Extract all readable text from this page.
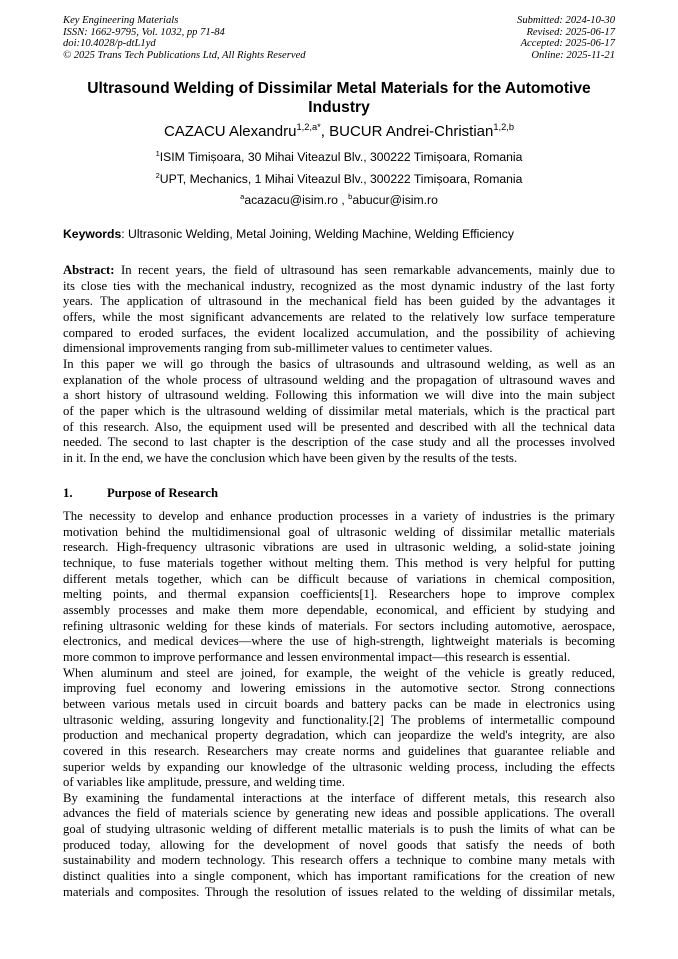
Key Engineering Materials
ISSN: 1662-9795, Vol. 1032, pp 71-84
doi:10.4028/p-dtL1yd
© 2025 Trans Tech Publications Ltd, All Rights Reserved
Submitted: 2024-10-30
Revised: 2025-06-17
Accepted: 2025-06-17
Online: 2025-11-21
Ultrasound Welding of Dissimilar Metal Materials for the Automotive Industry
CAZACU Alexandru$^{1,2,a*}$, BUCUR Andrei-Christian$^{1,2,b}$
$^1$ISIM Timișoara, 30 Mihai Viteazul Blv., 300222 Timișoara, Romania
$^2$UPT, Mechanics, 1 Mihai Viteazul Blv., 300222 Timișoara, Romania
$^a$acazacu@isim.ro , $^b$abucur@isim.ro
Keywords: Ultrasonic Welding, Metal Joining, Welding Machine, Welding Efficiency
Abstract: In recent years, the field of ultrasound has seen remarkable advancements, mainly due to
its close ties with the mechanical industry, recognized as the most dynamic industry of the last forty
years. The application of ultrasound in the mechanical field has been guided by the advantages it
offers, while the most significant advancements are related to the relatively low surface temperature
compared to eroded surfaces, the evident localized accumulation, and the possibility of achieving
dimensional improvements ranging from sub-millimeter values to centimeter values.
In this paper we will go through the basics of ultrasounds and ultrasound welding, as well as an
explanation of the whole process of ultrasound welding and the propagation of ultrasound waves and
a short history of ultrasound welding. Following this information we will dive into the main subject
of the paper which is the ultrasound welding of dissimilar metal materials, which is the practical part
of this research. Also, the equipment used will be presented and described with all the technical data
needed. The second to last chapter is the description of the case study and all the processes involved
in it. In the end, we have the conclusion which have been given by the results of the tests.
1.	Purpose of Research
The necessity to develop and enhance production processes in a variety of industries is the primary
motivation behind the multidimensional goal of ultrasonic welding of dissimilar metallic materials
research. High-frequency ultrasonic vibrations are used in ultrasonic welding, a solid-state joining
technique, to fuse materials together without melting them. This method is very helpful for putting
different metals together, which can be difficult because of variations in chemical composition,
melting points, and thermal expansion coefficients[1]. Researchers hope to improve complex
assembly processes and make them more dependable, economical, and efficient by studying and
refining ultrasonic welding for these kinds of materials. For sectors including automotive, aerospace,
electronics, and medical devices—where the use of high-strength, lightweight materials is becoming
more common to improve performance and lessen environmental impact—this research is essential.
When aluminum and steel are joined, for example, the weight of the vehicle is greatly reduced,
improving fuel economy and lowering emissions in the automotive sector. Strong connections
between various metals used in circuit boards and battery packs can be made in electronics using
ultrasonic welding, assuring longevity and functionality.[2] The problems of intermetallic compound
production and mechanical property degradation, which can jeopardize the weld's integrity, are also
covered in this research. Researchers may create norms and guidelines that guarantee reliable and
superior welds by expanding our knowledge of the ultrasonic welding process, including the effects
of variables like amplitude, pressure, and welding time.
By examining the fundamental interactions at the interface of different metals, this research also
advances the field of materials science by generating new ideas and possible applications. The overall
goal of studying ultrasonic welding of different metallic materials is to push the limits of what can be
produced today, allowing for the development of novel goods that satisfy the needs of both
sustainability and modern technology. This research offers a technique to combine many metals with
distinct qualities into a single component, which has important ramifications for the creation of new
materials and composites. Through the resolution of issues related to the welding of dissimilar metals,
